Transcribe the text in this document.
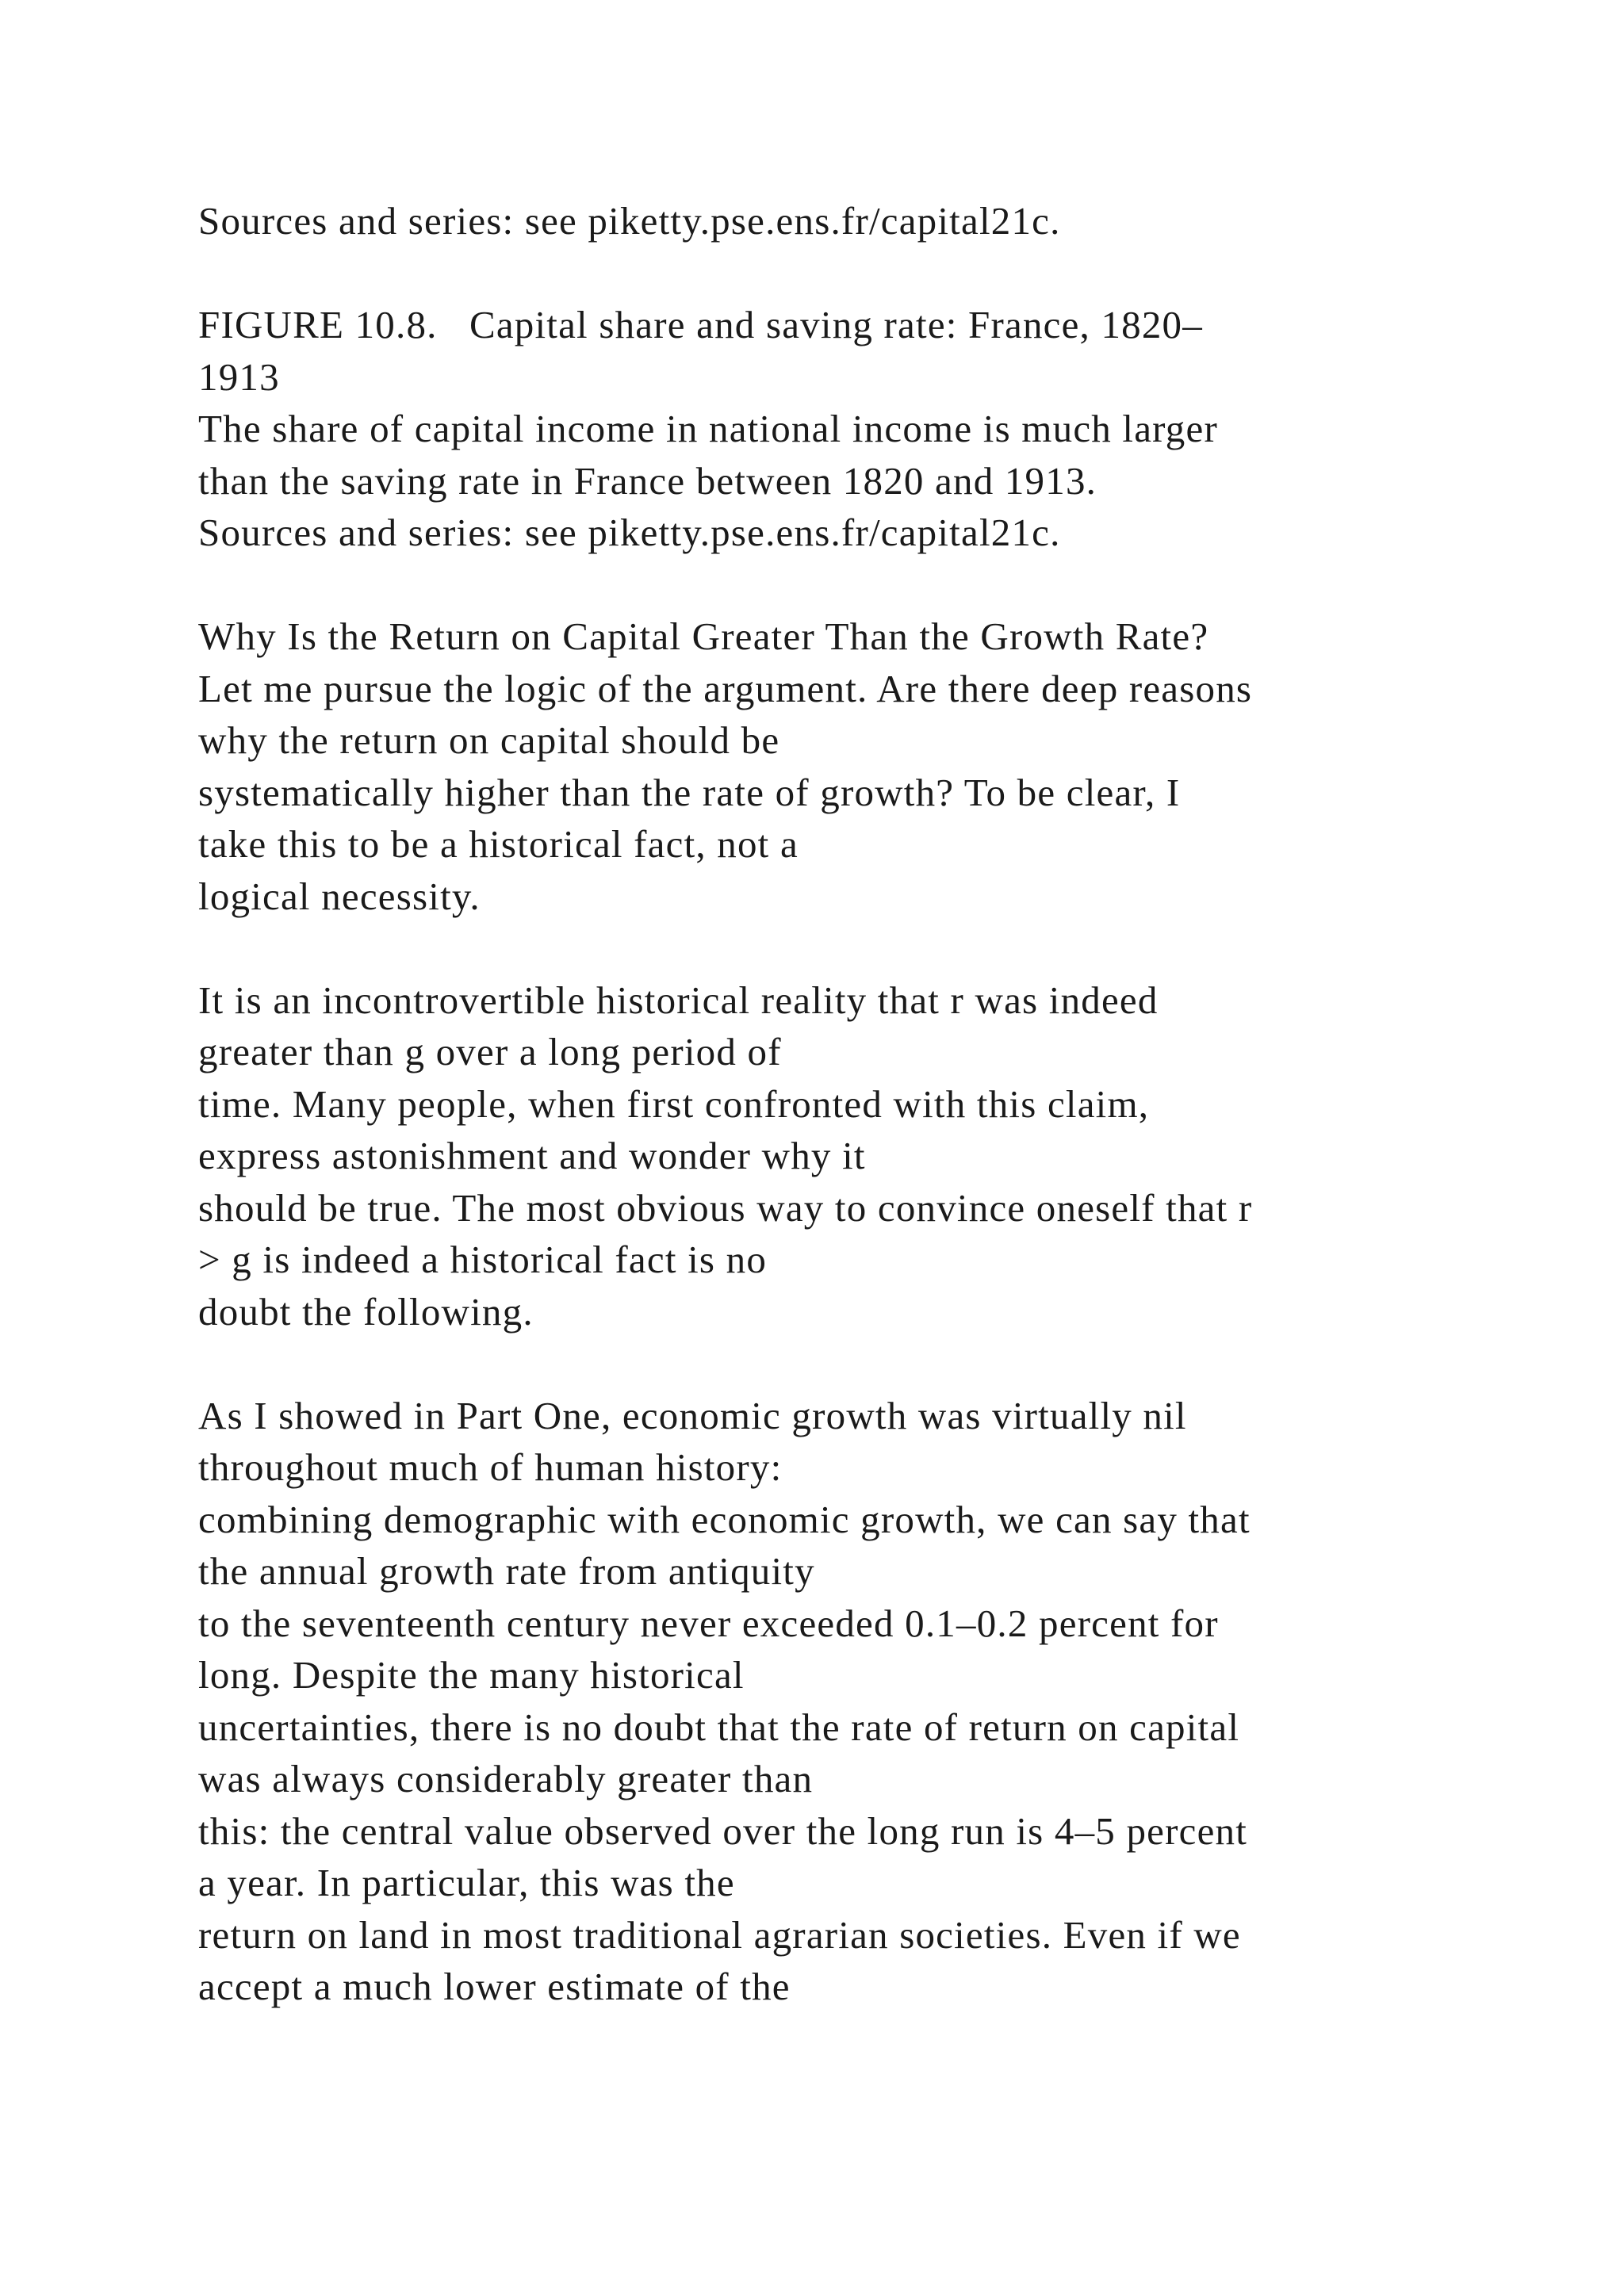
Sources and series: see piketty.pse.ens.fr/capital21c.
FIGURE 10.8.   Capital share and saving rate: France, 1820–
1913
The share of capital income in national income is much larger
than the saving rate in France between 1820 and 1913.
Sources and series: see piketty.pse.ens.fr/capital21c.
Why Is the Return on Capital Greater Than the Growth Rate?
Let me pursue the logic of the argument. Are there deep reasons
why the return on capital should be
systematically higher than the rate of growth? To be clear, I
take this to be a historical fact, not a
logical necessity.
It is an incontrovertible historical reality that r was indeed
greater than g over a long period of
time. Many people, when first confronted with this claim,
express astonishment and wonder why it
should be true. The most obvious way to convince oneself that r
> g is indeed a historical fact is no
doubt the following.
As I showed in Part One, economic growth was virtually nil
throughout much of human history:
combining demographic with economic growth, we can say that
the annual growth rate from antiquity
to the seventeenth century never exceeded 0.1–0.2 percent for
long. Despite the many historical
uncertainties, there is no doubt that the rate of return on capital
was always considerably greater than
this: the central value observed over the long run is 4–5 percent
a year. In particular, this was the
return on land in most traditional agrarian societies. Even if we
accept a much lower estimate of the
